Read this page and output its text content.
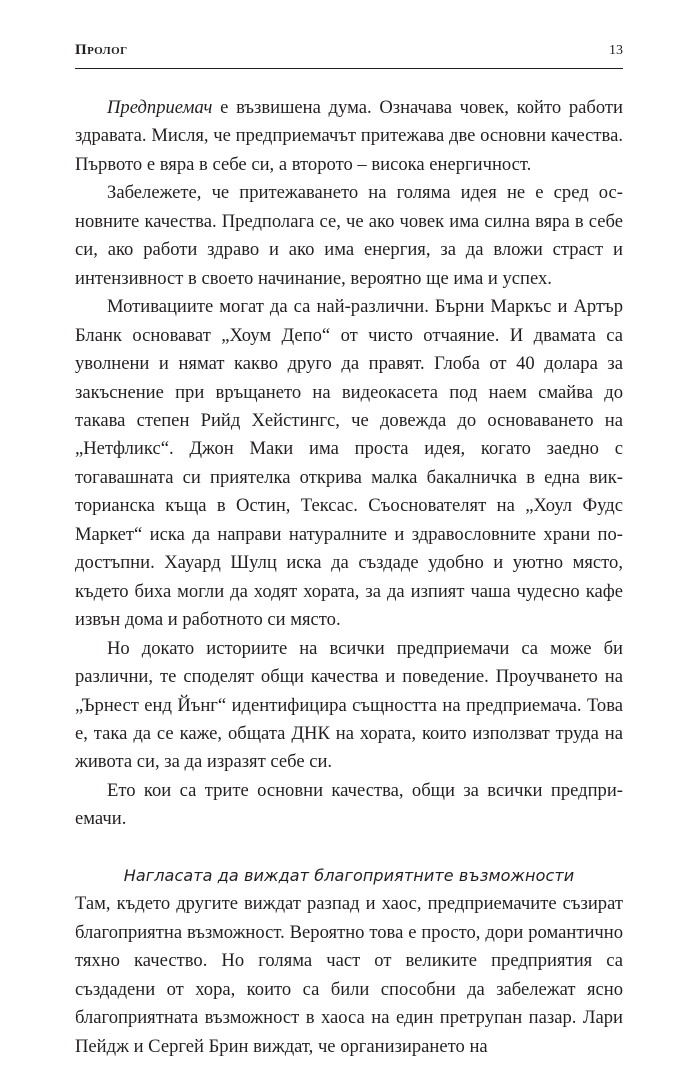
Пролог	13

Предприемач е възвишена дума. Означава човек, който работи здравата. Мисля, че предприемачът притежава две основни качества. Първото е вяра в себе си, а второто – висока енергичност.

Забележете, че притежаването на голяма идея не е сред основните качества. Предполага се, че ако човек има силна вяра в себе си, ако работи здраво и ако има енергия, за да вложи страст и интензивност в своето начинание, вероятно ще има и успех.

Мотивациите могат да са най-различни. Бърни Маркъс и Артър Бланк основават „Хоум Депо“ от чисто отчаяние. И двамата са уволнени и нямат какво друго да правят. Глоба от 40 долара за закъснение при връщането на видеокасета под наем смайва до такава степен Рийд Хейстингс, че довежда до основаването на „Нетфликс“. Джон Маки има проста идея, когато заедно с тогавашната си приятелка открива малка бакалничка в една викторианска къща в Остин, Тексас. Съоснователят на „Хоул Фудс Маркет“ иска да направи натуралните и здравословните храни по-достъпни. Хауард Шулц иска да създаде удобно и уютно място, където биха могли да ходят хората, за да изпият чаша чудесно кафе извън дома и работното си място.

Но докато историите на всички предприемачи са може би различни, те споделят общи качества и поведение. Проучването на „Ърнест енд Йънг“ идентифицира същността на предприемача. Това е, така да се каже, общата ДНК на хората, които използват труда на живота си, за да изразят себе си.

Ето кои са трите основни качества, общи за всички предприемачи.

Нагласата да виждат благоприятните възможности

Там, където другите виждат разпад и хаос, предприемачите съзират благоприятна възможност. Вероятно това е просто, дори романтично тяхно качество. Но голяма част от великите предприятия са създадени от хора, които са били способни да забележат ясно благоприятната възможност в хаоса на един претрупан пазар. Лари Пейдж и Сергей Брин виждат, че организирането на
